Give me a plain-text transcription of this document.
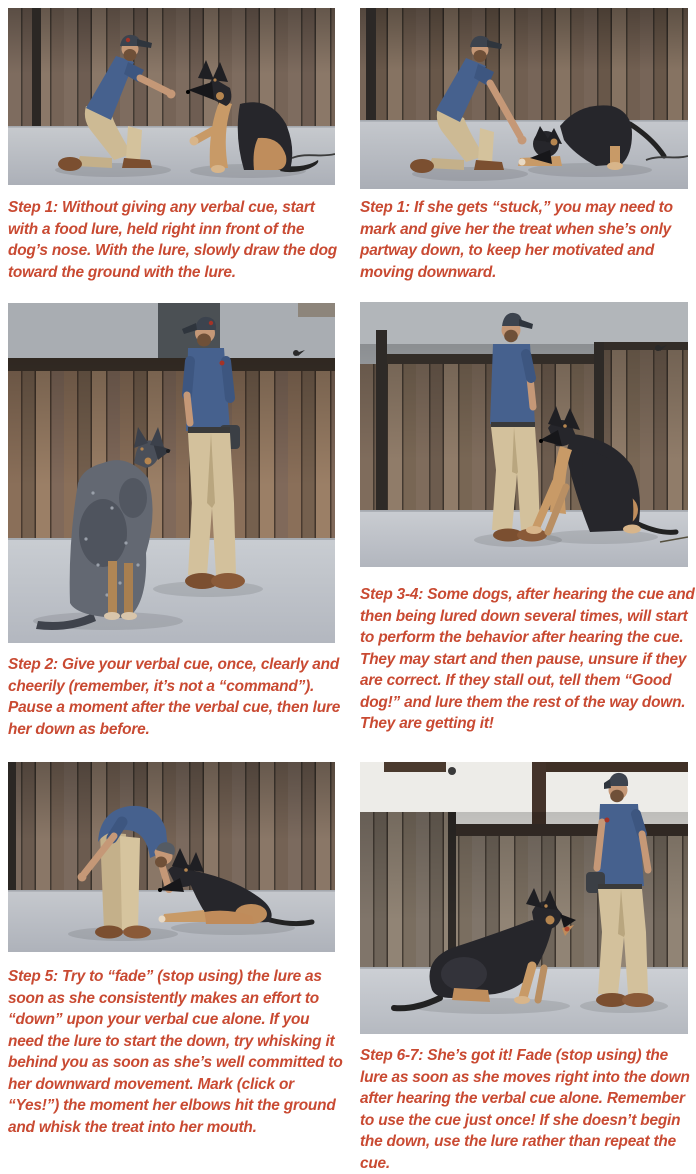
Step 1: Without giving any verbal cue, start with a food lure, held right inn front of the dog’s nose. With the lure, slowly draw the dog toward the ground with the lure.

Step 1: If she gets “stuck,” you may need to mark and give her the treat when she’s only partway down, to keep her motivated and moving downward.

Step 2: Give your verbal cue, once, clearly and cheerily (remember, it’s not a “command”). Pause a moment after the verbal cue, then lure her down as before.

Step 3-4: Some dogs, after hearing the cue and then being lured down several times, will start to perform the behavior after hearing the cue. They may start and then pause, unsure if they are correct. If they stall out, tell them “Good dog!” and lure them the rest of the way down. They are getting it!

Step 5: Try to “fade” (stop using) the lure as soon as she consistently makes an effort to “down” upon your verbal cue alone. If you need the lure to start the down, try whisking it behind you as soon as she’s well committed to her downward movement. Mark (click or “Yes!”) the moment her elbows hit the ground and whisk the treat into her mouth.

Step 6-7: She’s got it! Fade (stop using) the lure as soon as she moves right into the down after hearing the verbal cue alone. Remember to use the cue just once! If she doesn’t begin the down, use the lure rather than repeat the cue.
